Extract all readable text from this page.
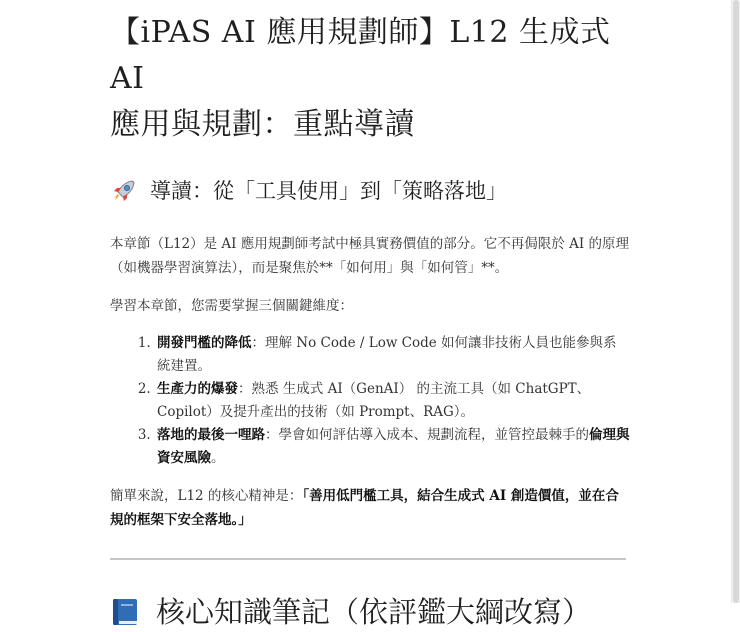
【iPAS AI 應用規劃師】L12 生成式 AI
應用與規劃：重點導讀
導讀：從「工具使用」到「策略落地」

本章節（L12）是 AI 應用規劃師考試中極具實務價值的部分。它不再侷限於 AI 的原理（如機器學習演算法），而是聚焦於**「如何用」與「如何管」**。

學習本章節，您需要掌握三個關鍵維度：

1. 開發門檻的降低：理解 No Code / Low Code 如何讓非技術人員也能參與系統建置。
2. 生產力的爆發：熟悉 生成式 AI（GenAI） 的主流工具（如 ChatGPT、Copilot）及提升產出的技術（如 Prompt、RAG）。
3. 落地的最後一哩路：學會如何評估導入成本、規劃流程，並管控最棘手的倫理與資安風險。

簡單來說，L12 的核心精神是：「善用低門檻工具，結合生成式 AI 創造價值，並在合規的框架下安全落地。」

核心知識筆記（依評鑑大綱改寫）
